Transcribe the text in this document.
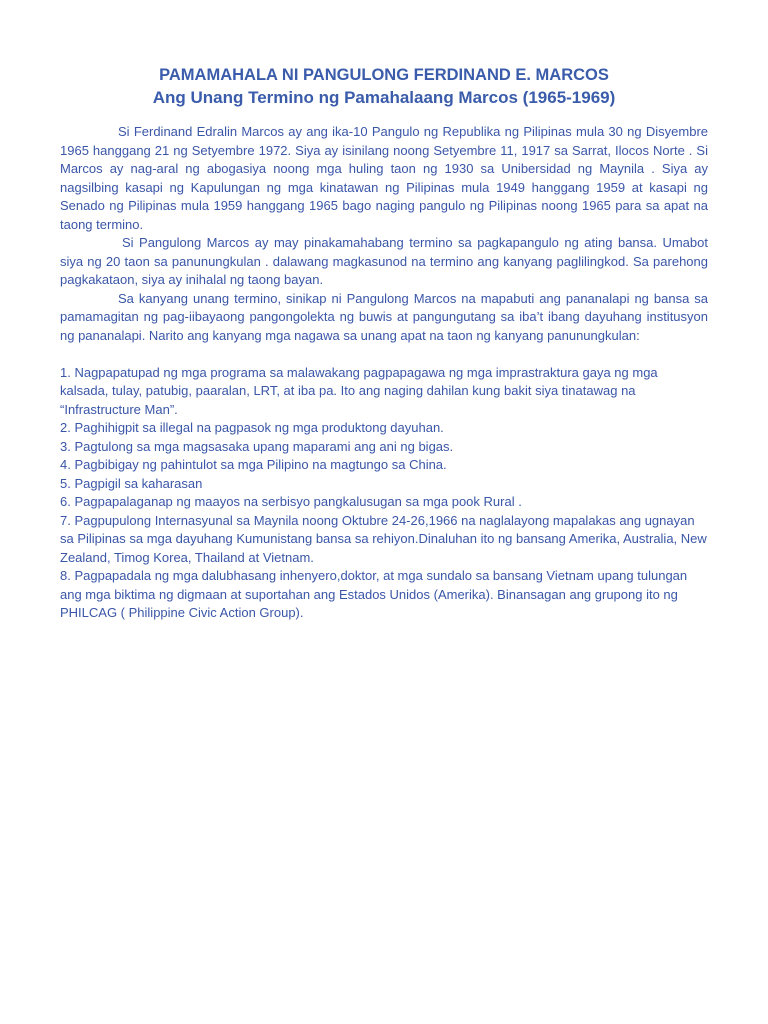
PAMAMAHALA NI PANGULONG FERDINAND E. MARCOS
Ang Unang Termino ng Pamahalaang Marcos (1965-1969)

Si Ferdinand Edralin Marcos ay ang ika-10 Pangulo ng Republika ng Pilipinas mula 30 ng Disyembre 1965 hanggang 21 ng Setyembre 1972. Siya ay isinilang noong Setyembre 11, 1917 sa Sarrat, Ilocos Norte . Si Marcos ay nag-aral ng abogasiya noong mga huling taon ng 1930 sa Unibersidad ng Maynila . Siya ay nagsilbing kasapi ng Kapulungan ng mga kinatawan ng Pilipinas mula 1949 hanggang 1959 at kasapi ng Senado ng Pilipinas mula 1959 hanggang 1965 bago naging pangulo ng Pilipinas noong 1965 para sa apat na taong termino.

Si Pangulong Marcos ay may pinakamahabang termino sa pagkapangulo ng ating bansa. Umabot siya ng 20 taon sa panunungkulan . dalawang magkasunod na termino ang kanyang paglilingkod. Sa parehong pagkakataon, siya ay inihalal ng taong bayan.

Sa kanyang unang termino, sinikap ni Pangulong Marcos na mapabuti ang pananalapi ng bansa sa pamamagitan ng pag-iibayaong pangongolekta ng buwis at pangungutang sa iba’t ibang dayuhang institusyon ng pananalapi. Narito ang kanyang mga nagawa sa unang apat na taon ng kanyang panunungkulan:

1. Nagpapatupad ng mga programa sa malawakang pagpapagawa ng mga imprastraktura gaya ng mga kalsada, tulay, patubig, paaralan, LRT, at iba pa. Ito ang naging dahilan kung bakit siya tinatawag na “Infrastructure Man”.
2. Paghihigpit sa illegal na pagpasok ng mga produktong dayuhan.
3. Pagtulong sa mga magsasaka upang maparami ang ani ng bigas.
4. Pagbibigay ng pahintulot sa mga Pilipino na magtungo sa China.
5. Pagpigil sa kaharasan
6. Pagpapalaganap ng maayos na serbisyo pangkalusugan sa mga pook Rural .
7. Pagpupulong Internasyunal sa Maynila noong Oktubre 24-26,1966 na naglalayong mapalakas ang ugnayan sa Pilipinas sa mga dayuhang Kumunistang bansa sa rehiyon.Dinaluhan ito ng bansang Amerika, Australia, New Zealand, Timog Korea, Thailand at Vietnam.
8. Pagpapadala ng mga dalubhasang inhenyero,doktor, at mga sundalo sa bansang Vietnam upang tulungan ang mga biktima ng digmaan at suportahan ang Estados Unidos (Amerika). Binansagan ang grupong ito ng PHILCAG ( Philippine Civic Action Group).
